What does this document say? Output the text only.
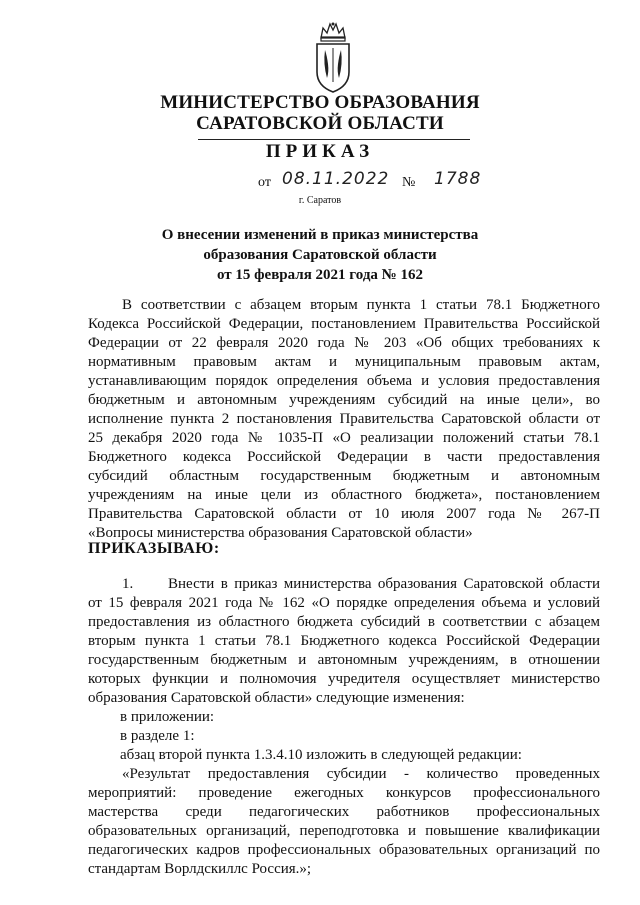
МИНИСТЕРСТВО ОБРАЗОВАНИЯ
САРАТОВСКОЙ ОБЛАСТИ
ПРИКАЗ
от 08.11.2022 № 1788
г. Саратов
О внесении изменений в приказ министерства
образования Саратовской области
от 15 февраля 2021 года № 162
В соответствии с абзацем вторым пункта 1 статьи 78.1 Бюджетного
Кодекса Российской Федерации, постановлением Правительства Российской
Федерации от 22 февраля 2020 года № 203 «Об общих требованиях к
нормативным правовым актам и муниципальным правовым актам,
устанавливающим порядок определения объема и условия предоставления
бюджетным и автономным учреждениям субсидий на иные цели», во
исполнение пункта 2 постановления Правительства Саратовской области от
25 декабря 2020 года № 1035-П «О реализации положений статьи 78.1
Бюджетного кодекса Российской Федерации в части предоставления
субсидий областным государственным бюджетным и автономным
учреждениям на иные цели из областного бюджета», постановлением
Правительства Саратовской области от 10 июля 2007 года № 267-П
«Вопросы министерства образования Саратовской области»
ПРИКАЗЫВАЮ:
1. Внести в приказ министерства образования Саратовской области
от 15 февраля 2021 года № 162 «О порядке определения объема и условий
предоставления из областного бюджета субсидий в соответствии с абзацем
вторым пункта 1 статьи 78.1 Бюджетного кодекса Российской Федерации
государственным бюджетным и автономным учреждениям, в отношении
которых функции и полномочия учредителя осуществляет министерство
образования Саратовской области» следующие изменения:
в приложении:
в разделе 1:
абзац второй пункта 1.3.4.10 изложить в следующей редакции:
«Результат предоставления субсидии - количество проведенных
мероприятий: проведение ежегодных конкурсов профессионального
мастерства среди педагогических работников профессиональных
образовательных организаций, переподготовка и повышение квалификации
педагогических кадров профессиональных образовательных организаций по
стандартам Ворлдскиллс Россия.»;
